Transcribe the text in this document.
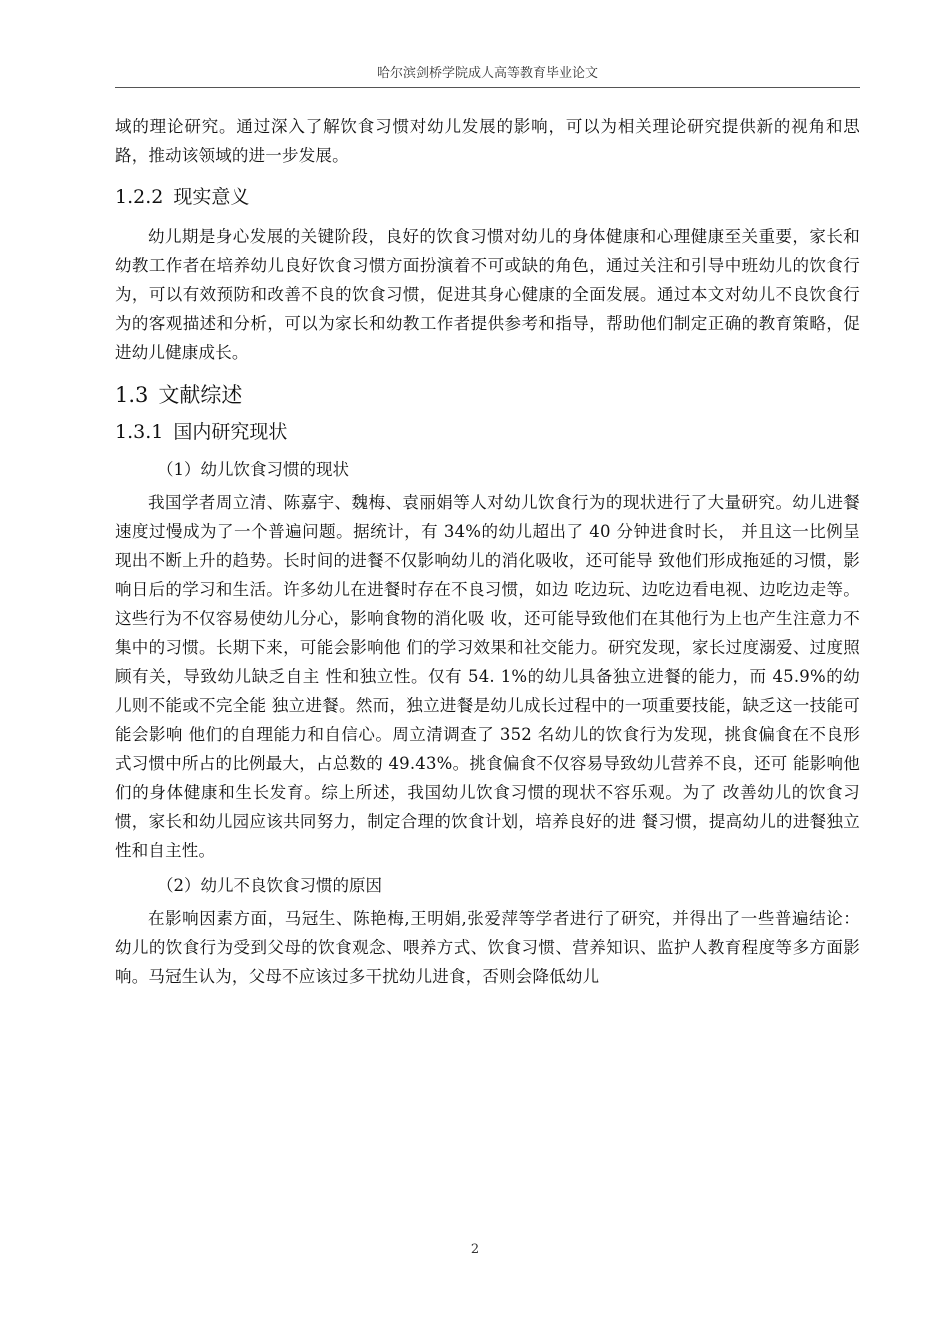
哈尔滨剑桥学院成人高等教育毕业论文

域的理论研究。通过深入了解饮食习惯对幼儿发展的影响，可以为相关理论研究提供新的视角和思路，推动该领域的进一步发展。

1.2.2 现实意义

幼儿期是身心发展的关键阶段，良好的饮食习惯对幼儿的身体健康和心理健康至关重要，家长和幼教工作者在培养幼儿良好饮食习惯方面扮演着不可或缺的角色，通过关注和引导中班幼儿的饮食行为，可以有效预防和改善不良的饮食习惯，促进其身心健康的全面发展。通过本文对幼儿不良饮食行为的客观描述和分析，可以为家长和幼教工作者提供参考和指导，帮助他们制定正确的教育策略，促进幼儿健康成长。

1.3 文献综述
1.3.1 国内研究现状

（1）幼儿饮食习惯的现状

我国学者周立清、陈嘉宇、魏梅、袁丽娟等人对幼儿饮食行为的现状进行了大量研究。幼儿进餐速度过慢成为了一个普遍问题。据统计，有 34%的幼儿超出了 40 分钟进食时长， 并且这一比例呈现出不断上升的趋势。长时间的进餐不仅影响幼儿的消化吸收，还可能导 致他们形成拖延的习惯，影响日后的学习和生活。许多幼儿在进餐时存在不良习惯，如边 吃边玩、边吃边看电视、边吃边走等。这些行为不仅容易使幼儿分心，影响食物的消化吸 收，还可能导致他们在其他行为上也产生注意力不集中的习惯。长期下来，可能会影响他 们的学习效果和社交能力。研究发现，家长过度溺爱、过度照顾有关，导致幼儿缺乏自主 性和独立性。仅有 54. 1%的幼儿具备独立进餐的能力，而 45.9%的幼儿则不能或不完全能 独立进餐。然而，独立进餐是幼儿成长过程中的一项重要技能，缺乏这一技能可能会影响 他们的自理能力和自信心。周立清调查了 352 名幼儿的饮食行为发现，挑食偏食在不良形 式习惯中所占的比例最大，占总数的 49.43%。挑食偏食不仅容易导致幼儿营养不良，还可 能影响他们的身体健康和生长发育。综上所述，我国幼儿饮食习惯的现状不容乐观。为了 改善幼儿的饮食习惯，家长和幼儿园应该共同努力，制定合理的饮食计划，培养良好的进 餐习惯，提高幼儿的进餐独立性和自主性。

（2）幼儿不良饮食习惯的原因

在影响因素方面，马冠生、陈艳梅,王明娟,张爱萍等学者进行了研究，并得出了一些普遍结论：幼儿的饮食行为受到父母的饮食观念、喂养方式、饮食习惯、营养知识、监护人教育程度等多方面影响。马冠生认为，父母不应该过多干扰幼儿进食，否则会降低幼儿

2
